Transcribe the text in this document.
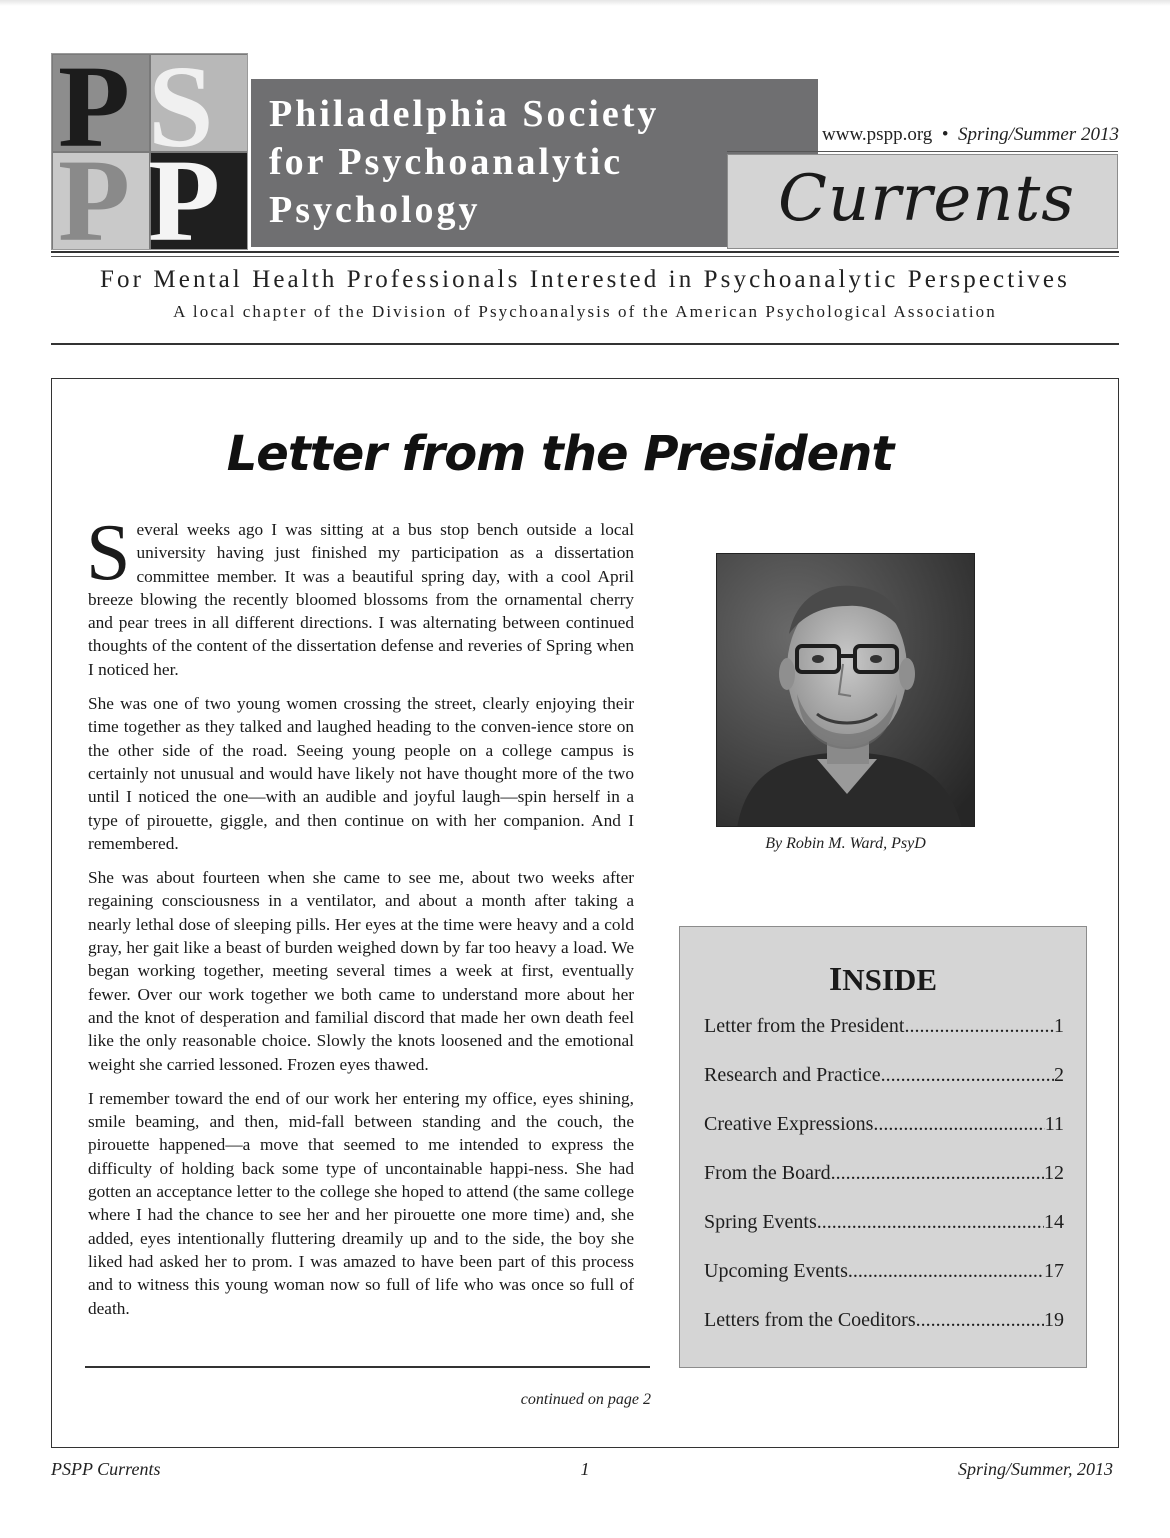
P S
P P
Philadelphia Society
for Psychoanalytic
Psychology
www.pspp.org • Spring/Summer 2013
Currents
For Mental Health Professionals Interested in Psychoanalytic Perspectives
A local chapter of the Division of Psychoanalysis of the American Psychological Association
Letter from the President

Several weeks ago I was sitting at a bus stop bench outside a local university having just finished my participation as a dissertation committee member. It was a beautiful spring day, with a cool April breeze blowing the recently bloomed blossoms from the ornamental cherry and pear trees in all different directions. I was alternating between continued thoughts of the content of the dissertation defense and reveries of Spring when I noticed her.

She was one of two young women crossing the street, clearly enjoying their time together as they talked and laughed heading to the conven-ience store on the other side of the road. Seeing young people on a college campus is certainly not unusual and would have likely not have thought more of the two until I noticed the one—with an audible and joyful laugh—spin herself in a type of pirouette, giggle, and then continue on with her companion. And I remembered.

She was about fourteen when she came to see me, about two weeks after regaining consciousness in a ventilator, and about a month after taking a nearly lethal dose of sleeping pills. Her eyes at the time were heavy and a cold gray, her gait like a beast of burden weighed down by far too heavy a load. We began working together, meeting several times a week at first, eventually fewer. Over our work together we both came to understand more about her and the knot of desperation and familial discord that made her own death feel like the only reasonable choice. Slowly the knots loosened and the emotional weight she carried lessoned. Frozen eyes thawed.

I remember toward the end of our work her entering my office, eyes shining, smile beaming, and then, mid-fall between standing and the couch, the pirouette happened—a move that seemed to me intended to express the difficulty of holding back some type of uncontainable happi-ness. She had gotten an acceptance letter to the college she hoped to attend (the same college where I had the chance to see her and her pirouette one more time) and, she added, eyes intentionally fluttering dreamily up and to the side, the boy she liked had asked her to prom. I was amazed to have been part of this process and to witness this young woman now so full of life who was once so full of death.

By Robin M. Ward, PsyD
INSIDE
Letter from the President .....	1
Research and Practice .....	2
Creative Expressions .....	11
From the Board .....	12
Spring Events .....	14
Upcoming Events .....	17
Letters from the Coeditors .....	19
continued on page 2
PSPP Currents	1	Spring/Summer, 2013
